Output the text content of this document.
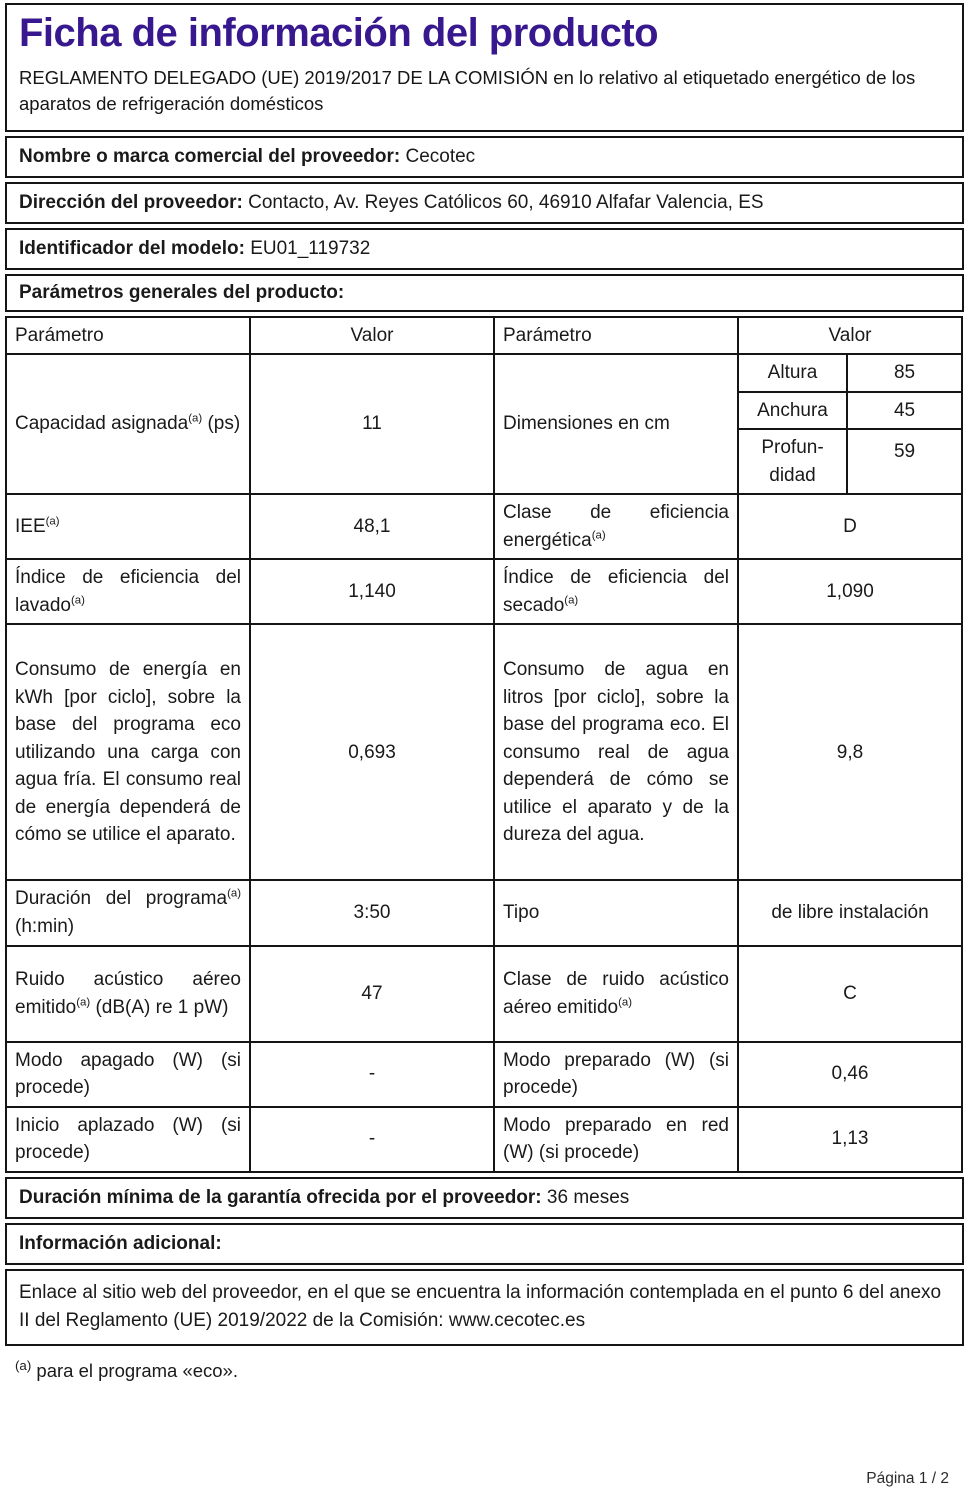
Ficha de información del producto
REGLAMENTO DELEGADO (UE) 2019/2017 DE LA COMISIÓN en lo relativo al etiquetado energético de los aparatos de refrigeración domésticos
Nombre o marca comercial del proveedor: Cecotec
Dirección del proveedor: Contacto, Av. Reyes Católicos 60, 46910 Alfafar Valencia, ES
Identificador del modelo: EU01_119732
Parámetros generales del producto:
Parámetro	Valor	Parámetro	Valor	
Capacidad asignada$^{(a)}$ (ps)	11	Dimensiones en cm	Altura	85
			Anchura	45
			Profundidad	59
IEE$^{(a)}$	48,1	Clase de eficiencia energética$^{(a)}$	D	
Índice de eficiencia del lavado$^{(a)}$	1,140	Índice de eficiencia del secado$^{(a)}$	1,090	
Consumo de energía en kWh [por ciclo], sobre la base del programa eco utilizando una carga con agua fría. El consumo real de energía dependerá de cómo se utilice el aparato.	0,693	Consumo de agua en litros [por ciclo], sobre la base del programa eco. El consumo real de agua dependerá de cómo se utilice el aparato y de la dureza del agua.	9,8	
Duración del programa$^{(a)}$ (h:min)	3:50	Tipo	de libre instalación	
Ruido acústico aéreo emitido$^{(a)}$ (dB(A) re 1 pW)	47	Clase de ruido acústico aéreo emitido$^{(a)}$	C	
Modo apagado (W) (si procede)	-	Modo preparado (W) (si procede)	0,46	
Inicio aplazado (W) (si procede)	-	Modo preparado en red (W) (si procede)	1,13	
Duración mínima de la garantía ofrecida por el proveedor: 36 meses
Información adicional:
Enlace al sitio web del proveedor, en el que se encuentra la información contemplada en el punto 6 del anexo II del Reglamento (UE) 2019/2022 de la Comisión: www.cecotec.es
$^{(a)}$ para el programa «eco».
Página 1 / 2
